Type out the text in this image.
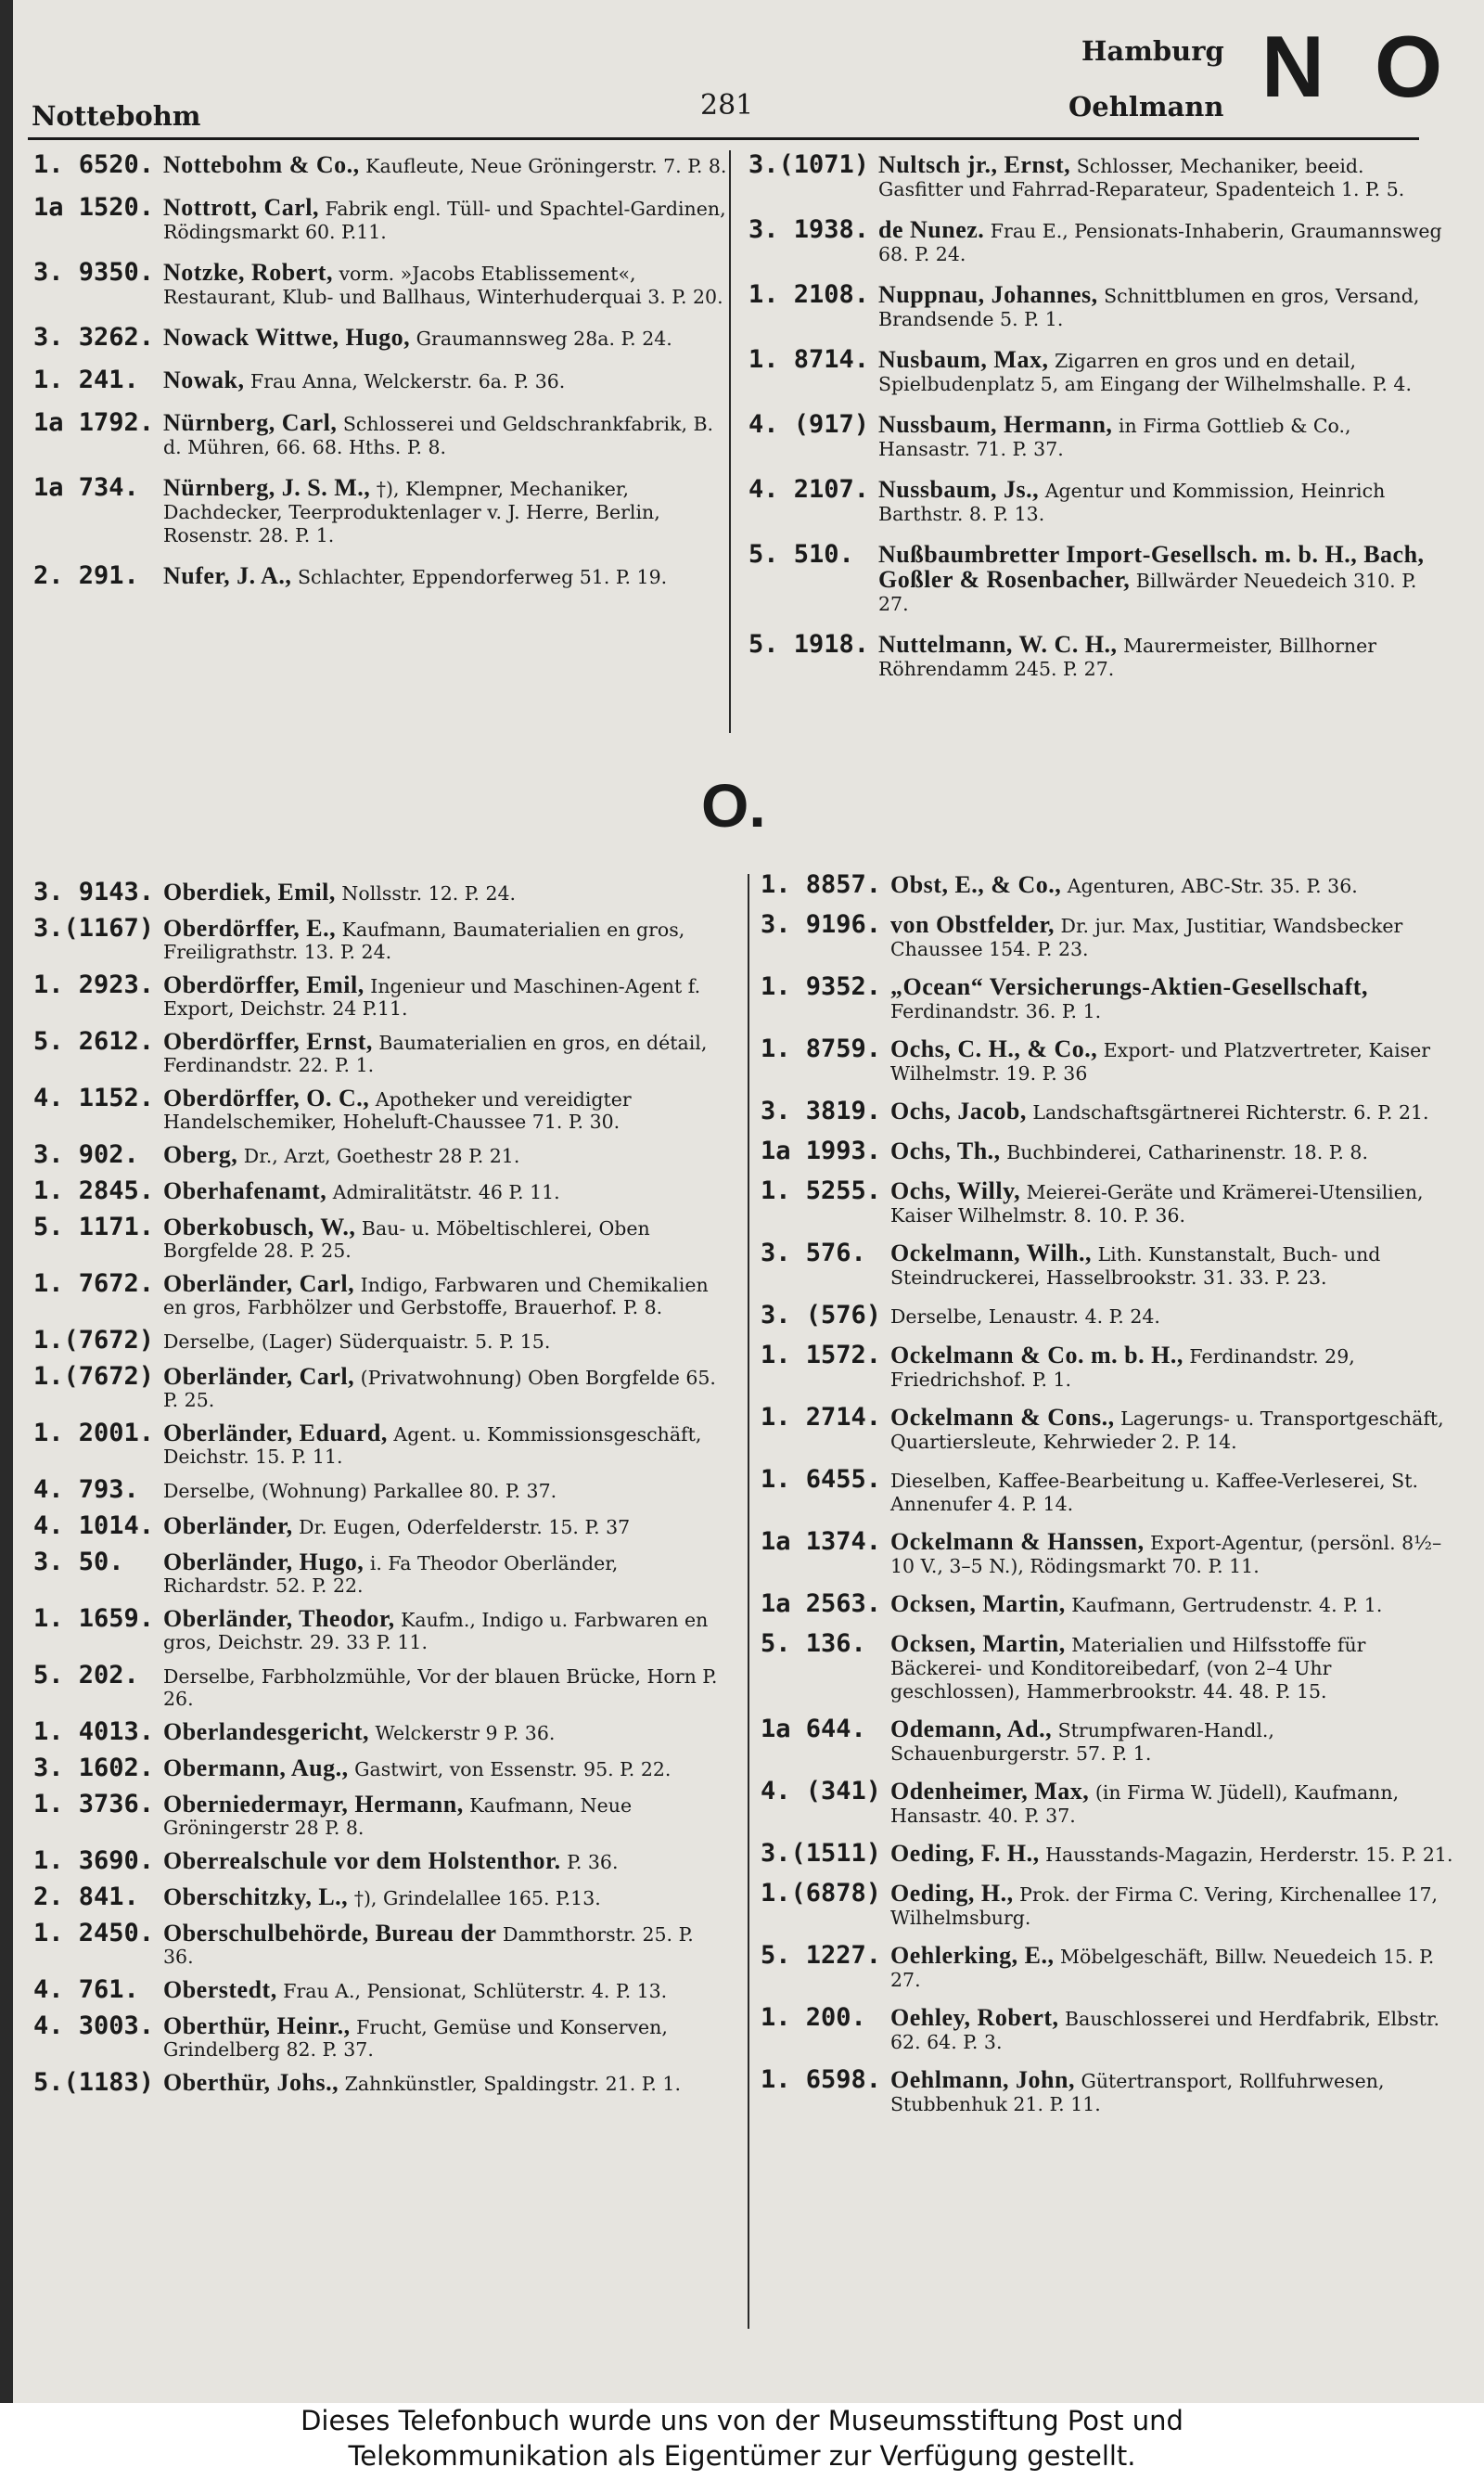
Nottebohm	281
Hamburg
Oehlmann N O
O.
1. 6520. Nottebohm & Co., Kaufleute, Neue Gröningerstr. 7. P. 8.
1a 1520. Nottrott, Carl, Fabrik engl. Tüll- und Spachtel-Gardinen, Rödingsmarkt 60. P.11.
3. 9350. Notzke, Robert, vorm. »Jacobs Etablissement«, Restaurant, Klub- und Ballhaus, Winterhuderquai 3. P. 20.
3. 3262. Nowack Wittwe, Hugo, Graumannsweg 28a. P. 24.
1. 241.	Nowak, Frau Anna, Welckerstr. 6a. P. 36.
1a 1792. Nürnberg, Carl, Schlosserei und Geldschrankfabrik, B. d. Mühren, 66. 68. Hths. P. 8.
1a 734.	Nürnberg, J. S. M., †), Klempner, Mechaniker, Dachdecker, Teerproduktenlager v. J. Herre, Berlin, Rosenstr. 28. P. 1.
2. 291.	Nufer, J. A., Schlachter, Eppendorferweg 51. P. 19.
3.(1071) Nultsch jr., Ernst, Schlosser, Mechaniker, beeid. Gasfitter und Fahrrad-Reparateur, Spadenteich 1. P. 5.
3. 1938. de Nunez. Frau E., Pensionats-Inhaberin, Graumannsweg 68. P. 24.
1. 2108. Nuppnau, Johannes, Schnittblumen en gros, Versand, Brandsende 5. P. 1.
1. 8714. Nusbaum, Max, Zigarren en gros und en detail, Spielbudenplatz 5, am Eingang der Wilhelmshalle. P. 4.
4. (917) Nussbaum, Hermann, in Firma Gottlieb & Co., Hansastr. 71. P. 37.
4. 2107. Nussbaum, Js., Agentur und Kommission, Heinrich Barthstr. 8. P. 13.
5. 510.	Nußbaumbretter Import-Gesellsch. m. b. H., Bach, Goßler & Rosenbacher, Billwärder Neuedeich 310. P. 27.
5. 1918. Nuttelmann, W. C. H., Maurermeister, Billhorner Röhrendamm 245. P. 27.
3. 9143. Oberdiek, Emil, Nollsstr. 12. P. 24.
3.(1167) Oberdörffer, E., Kaufmann, Baumaterialien en gros, Freiligrathstr. 13. P. 24.
1. 2923. Oberdörffer, Emil, Ingenieur und Maschinen-Agent f. Export, Deichstr. 24 P.11.
5. 2612. Oberdörffer, Ernst, Baumaterialien en gros, en détail, Ferdinandstr. 22. P. 1.
4. 1152. Oberdörffer, O. C., Apotheker und vereidigter Handelschemiker, Hoheluft-Chaussee 71. P. 30.
3. 902.	Oberg, Dr., Arzt, Goethestr 28 P. 21.
1. 2845. Oberhafenamt, Admiralitätstr. 46 P. 11.
5. 1171. Oberkobusch, W., Bau- u. Möbeltischlerei, Oben Borgfelde 28. P. 25.
1. 7672. Oberländer, Carl, Indigo, Farbwaren und Chemikalien en gros, Farbhölzer und Gerbstoffe, Brauerhof. P. 8.
1.(7672) Derselbe, (Lager) Süderquaistr. 5. P. 15.
1.(7672) Oberländer, Carl, (Privatwohnung) Oben Borgfelde 65. P. 25.
1. 2001. Oberländer, Eduard, Agent. u. Kommissionsgeschäft, Deichstr. 15. P. 11.
4. 793.	Derselbe, (Wohnung) Parkallee 80. P. 37.
4. 1014. Oberländer, Dr. Eugen, Oderfelderstr. 15. P. 37
3. 50.	Oberländer, Hugo, i. Fa Theodor Oberländer, Richardstr. 52. P. 22.
1. 1659. Oberländer, Theodor, Kaufm., Indigo u. Farbwaren en gros, Deichstr. 29. 33 P. 11.
5. 202.	Derselbe, Farbholzmühle, Vor der blauen Brücke, Horn P. 26.
1. 4013. Oberlandesgericht, Welckerstr 9 P. 36.
3. 1602. Obermann, Aug., Gastwirt, von Essenstr. 95. P. 22.
1. 3736. Oberniedermayr, Hermann, Kaufmann, Neue Gröningerstr 28 P. 8.
1. 3690. Oberrealschule vor dem Holstenthor. P. 36.
2. 841.	Oberschitzky, L., †), Grindelallee 165. P.13.
1. 2450. Oberschulbehörde, Bureau der Dammthorstr. 25. P. 36.
4. 761.	Oberstedt, Frau A., Pensionat, Schlüterstr. 4. P. 13.
4. 3003. Oberthür, Heinr., Frucht, Gemüse und Konserven, Grindelberg 82. P. 37.
5.(1183) Oberthür, Johs., Zahnkünstler, Spaldingstr. 21. P. 1.
1. 8857. Obst, E., & Co., Agenturen, ABC-Str. 35. P. 36.
3. 9196. von Obstfelder, Dr. jur. Max, Justitiar, Wandsbecker Chaussee 154. P. 23.
1. 9352. „Ocean“ Versicherungs-Aktien-Gesellschaft, Ferdinandstr. 36. P. 1.
1. 8759. Ochs, C. H., & Co., Export- und Platzvertreter, Kaiser Wilhelmstr. 19. P. 36
3. 3819. Ochs, Jacob, Landschaftsgärtnerei Richterstr. 6. P. 21.
1a 1993. Ochs, Th., Buchbinderei, Catharinenstr. 18. P. 8.
1. 5255. Ochs, Willy, Meierei-Geräte und Krämerei-Utensilien, Kaiser Wilhelmstr. 8. 10. P. 36.
3. 576.	Ockelmann, Wilh., Lith. Kunstanstalt, Buch- und Steindruckerei, Hasselbrookstr. 31. 33. P. 23.
3. (576) Derselbe, Lenaustr. 4. P. 24.
1. 1572. Ockelmann & Co. m. b. H., Ferdinandstr. 29, Friedrichshof. P. 1.
1. 2714. Ockelmann & Cons., Lagerungs- u. Transportgeschäft, Quartiersleute, Kehrwieder 2. P. 14.
1. 6455. Dieselben, Kaffee-Bearbeitung u. Kaffee-Verleserei, St. Annenufer 4. P. 14.
1a 1374. Ockelmann & Hanssen, Export-Agentur, (persönl. 8½–10 V., 3–5 N.), Rödingsmarkt 70. P. 11.
1a 2563. Ocksen, Martin, Kaufmann, Gertrudenstr. 4. P. 1.
5. 136.	Ocksen, Martin, Materialien und Hilfsstoffe für Bäckerei- und Konditoreibedarf, (von 2–4 Uhr geschlossen), Hammerbrookstr. 44. 48. P. 15.
1a 644.	Odemann, Ad., Strumpfwaren-Handl., Schauenburgerstr. 57. P. 1.
4. (341) Odenheimer, Max, (in Firma W. Jüdell), Kaufmann, Hansastr. 40. P. 37.
3.(1511) Oeding, F. H., Hausstands-Magazin, Herderstr. 15. P. 21.
1.(6878) Oeding, H., Prok. der Firma C. Vering, Kirchenallee 17, Wilhelmsburg.
5. 1227. Oehlerking, E., Möbelgeschäft, Billw. Neuedeich 15. P. 27.
1. 200.	Oehley, Robert, Bauschlosserei und Herdfabrik, Elbstr. 62. 64. P. 3.
1. 6598. Oehlmann, John, Gütertransport, Rollfuhrwesen, Stubbenhuk 21. P. 11.
Dieses Telefonbuch wurde uns von der Museumsstiftung Post und
Telekommunikation als Eigentümer zur Verfügung gestellt.
